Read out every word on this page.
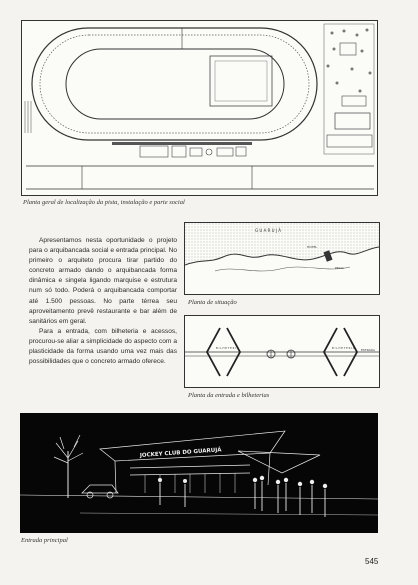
Planta geral de localização da pista, instalação e parte social

Apresentamos nesta oportunidade o projeto para o arquibancada social e entrada principal. No primeiro o arquiteto procura tirar partido do concreto armado dando o arquibancada forma dinâmica e singela ligando marquise e estrutura num só todo. Poderá o arquibancada comportar até 1.500 pessoas. No parte térrea seu aproveitamento prevê restaurante e bar além de sanitários em geral.

Para a entrada, com bilheteria e acessos, procurou-se aliar a simplicidade do aspecto com a plasticidade da forma usando uma vez mais das possibilidades que o concreto armado oferece.

G U A R U J Á
HOTEL
PRAIA
Planta de situação
B I L H E T E R I A	B I L H E T E R I A ESTRADA
Planta da entrada e bilheterias
JOCKEY CLUB DO GUARUJÁ
Entrada principal
545
